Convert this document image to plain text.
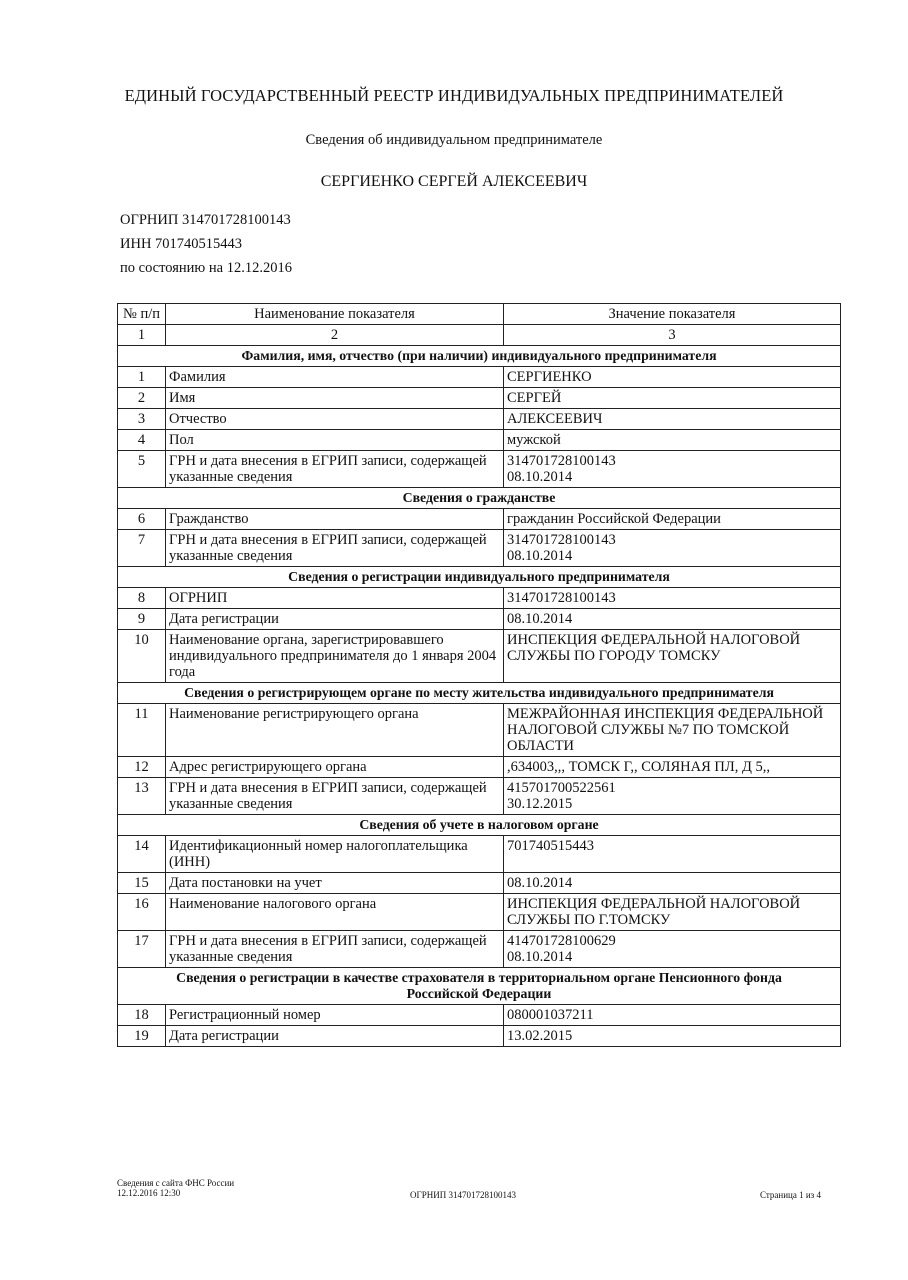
ЕДИНЫЙ ГОСУДАРСТВЕННЫЙ РЕЕСТР ИНДИВИДУАЛЬНЫХ ПРЕДПРИНИМАТЕЛЕЙ
Сведения об индивидуальном предпринимателе
СЕРГИЕНКО СЕРГЕЙ АЛЕКСЕЕВИЧ
ОГРНИП 314701728100143
ИНН 701740515443
по состоянию на 12.12.2016
№ п/п	Наименование показателя	Значение показателя
1	2	3
Фамилия, имя, отчество (при наличии) индивидуального предпринимателя		
1	Фамилия	СЕРГИЕНКО
2	Имя	СЕРГЕЙ
3	Отчество	АЛЕКСЕЕВИЧ
4	Пол	мужской
5	ГРН и дата внесения в ЕГРИП записи, содержащей указанные сведения	314701728100143
08.10.2014

Сведения о гражданстве		
6	Гражданство	гражданин Российской Федерации
7	ГРН и дата внесения в ЕГРИП записи, содержащей указанные сведения	314701728100143
08.10.2014

Сведения о регистрации индивидуального предпринимателя		
8	ОГРНИП	314701728100143
9	Дата регистрации	08.10.2014
10	Наименование органа, зарегистрировавшего индивидуального предпринимателя до 1 января 2004 года	ИНСПЕКЦИЯ ФЕДЕРАЛЬНОЙ НАЛОГОВОЙ СЛУЖБЫ ПО ГОРОДУ ТОМСКУ
Сведения о регистрирующем органе по месту жительства индивидуального предпринимателя		
11	Наименование регистрирующего органа	МЕЖРАЙОННАЯ ИНСПЕКЦИЯ ФЕДЕРАЛЬНОЙ НАЛОГОВОЙ СЛУЖБЫ №7 ПО ТОМСКОЙ ОБЛАСТИ
12	Адрес регистрирующего органа	,634003,,, ТОМСК Г,, СОЛЯНАЯ ПЛ, Д 5,,
13	ГРН и дата внесения в ЕГРИП записи, содержащей указанные сведения	415701700522561
30.12.2015

Сведения об учете в налоговом органе		
14	Идентификационный номер налогоплательщика (ИНН)	701740515443
15	Дата постановки на учет	08.10.2014
16	Наименование налогового органа	ИНСПЕКЦИЯ ФЕДЕРАЛЬНОЙ НАЛОГОВОЙ СЛУЖБЫ ПО Г.ТОМСКУ
17	ГРН и дата внесения в ЕГРИП записи, содержащей указанные сведения	414701728100629
08.10.2014

Сведения о регистрации в качестве страхователя в территориальном органе Пенсионного фонда Российской Федерации		
18	Регистрационный номер	080001037211
19	Дата регистрации	13.02.2015
Сведения с сайта ФНС России
12.12.2016 12:30	ОГРНИП 314701728100143	Страница 1 из 4
